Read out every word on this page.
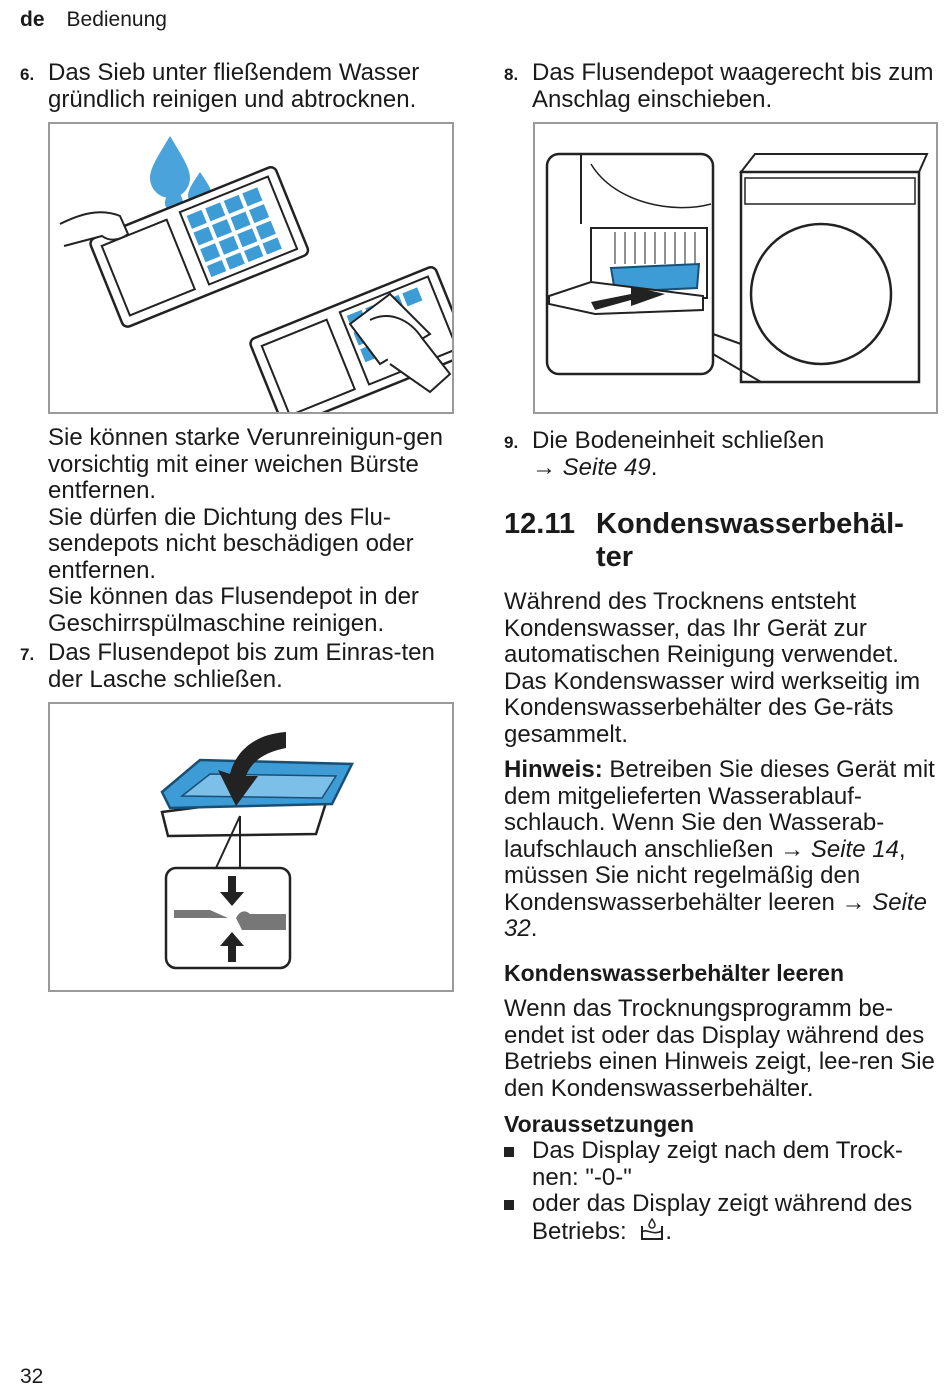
de Bedienung
6. Das Sieb unter fließendem Wasser gründlich reinigen und abtrocknen.
Sie können starke Verunreinigun-gen vorsichtig mit einer weichen Bürste entfernen.
Sie dürfen die Dichtung des Flu-sendepots nicht beschädigen oder entfernen.
Sie können das Flusendepot in der Geschirrspülmaschine reinigen.
7. Das Flusendepot bis zum Einras-ten der Lasche schließen.
8. Das Flusendepot waagerecht bis zum Anschlag einschieben.
9. Die Bodeneinheit schließen
→ Seite 49.
12.11 Kondenswasserbehäl-
ter
Während des Trocknens entsteht Kondenswasser, das Ihr Gerät zur automatischen Reinigung verwendet. Das Kondenswasser wird werkseitig im Kondenswasserbehälter des Ge-räts gesammelt.
Hinweis: Betreiben Sie dieses Gerät mit dem mitgelieferten Wasserablauf-schlauch. Wenn Sie den Wasserab-laufschlauch anschließen → Seite 14, müssen Sie nicht regelmäßig den Kondenswasserbehälter leeren → Seite 32.
Kondenswasserbehälter leeren
Wenn das Trocknungsprogramm be-endet ist oder das Display während des Betriebs einen Hinweis zeigt, lee-ren Sie den Kondenswasserbehälter.
Voraussetzungen
Das Display zeigt nach dem Trock-nen: "-0-"
oder das Display zeigt während des Betriebs: .
32
